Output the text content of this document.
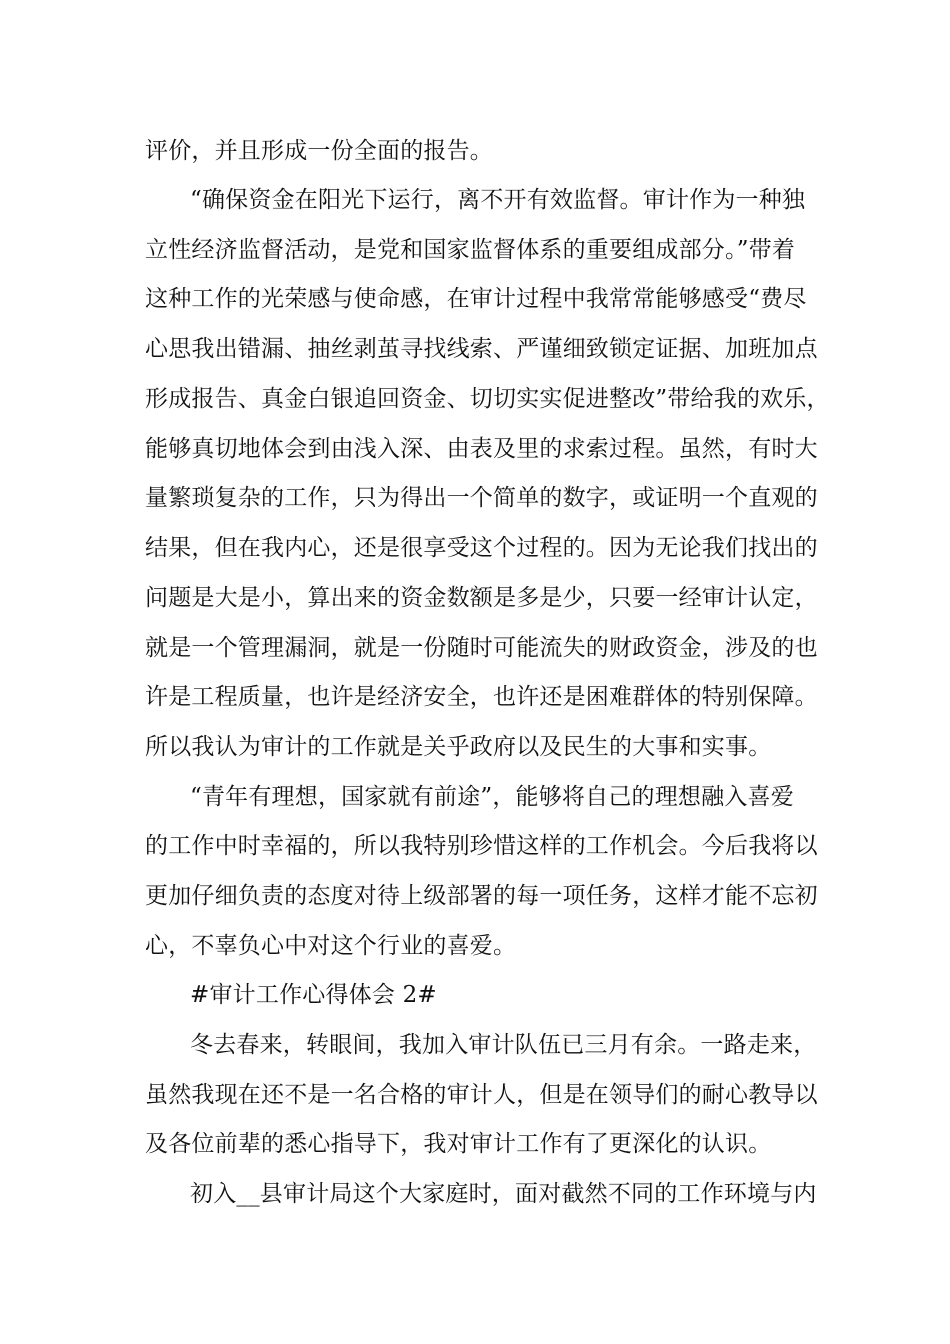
评价，并且形成一份全面的报告。
“确保资金在阳光下运行，离不开有效监督。审计作为一种独
立性经济监督活动，是党和国家监督体系的重要组成部分。”带着
这种工作的光荣感与使命感，在审计过程中我常常能够感受“费尽
心思我出错漏、抽丝剥茧寻找线索、严谨细致锁定证据、加班加点
形成报告、真金白银追回资金、切切实实促进整改”带给我的欢乐，
能够真切地体会到由浅入深、由表及里的求索过程。虽然，有时大
量繁琐复杂的工作，只为得出一个简单的数字，或证明一个直观的
结果，但在我内心，还是很享受这个过程的。因为无论我们找出的
问题是大是小，算出来的资金数额是多是少，只要一经审计认定，
就是一个管理漏洞，就是一份随时可能流失的财政资金，涉及的也
许是工程质量，也许是经济安全，也许还是困难群体的特别保障。
所以我认为审计的工作就是关乎政府以及民生的大事和实事。
“青年有理想，国家就有前途”，能够将自己的理想融入喜爱
的工作中时幸福的，所以我特别珍惜这样的工作机会。今后我将以
更加仔细负责的态度对待上级部署的每一项任务，这样才能不忘初
心，不辜负心中对这个行业的喜爱。
#审计工作心得体会 2#
冬去春来，转眼间，我加入审计队伍已三月有余。一路走来，
虽然我现在还不是一名合格的审计人，但是在领导们的耐心教导以
及各位前辈的悉心指导下，我对审计工作有了更深化的认识。
初入__县审计局这个大家庭时，面对截然不同的工作环境与内
